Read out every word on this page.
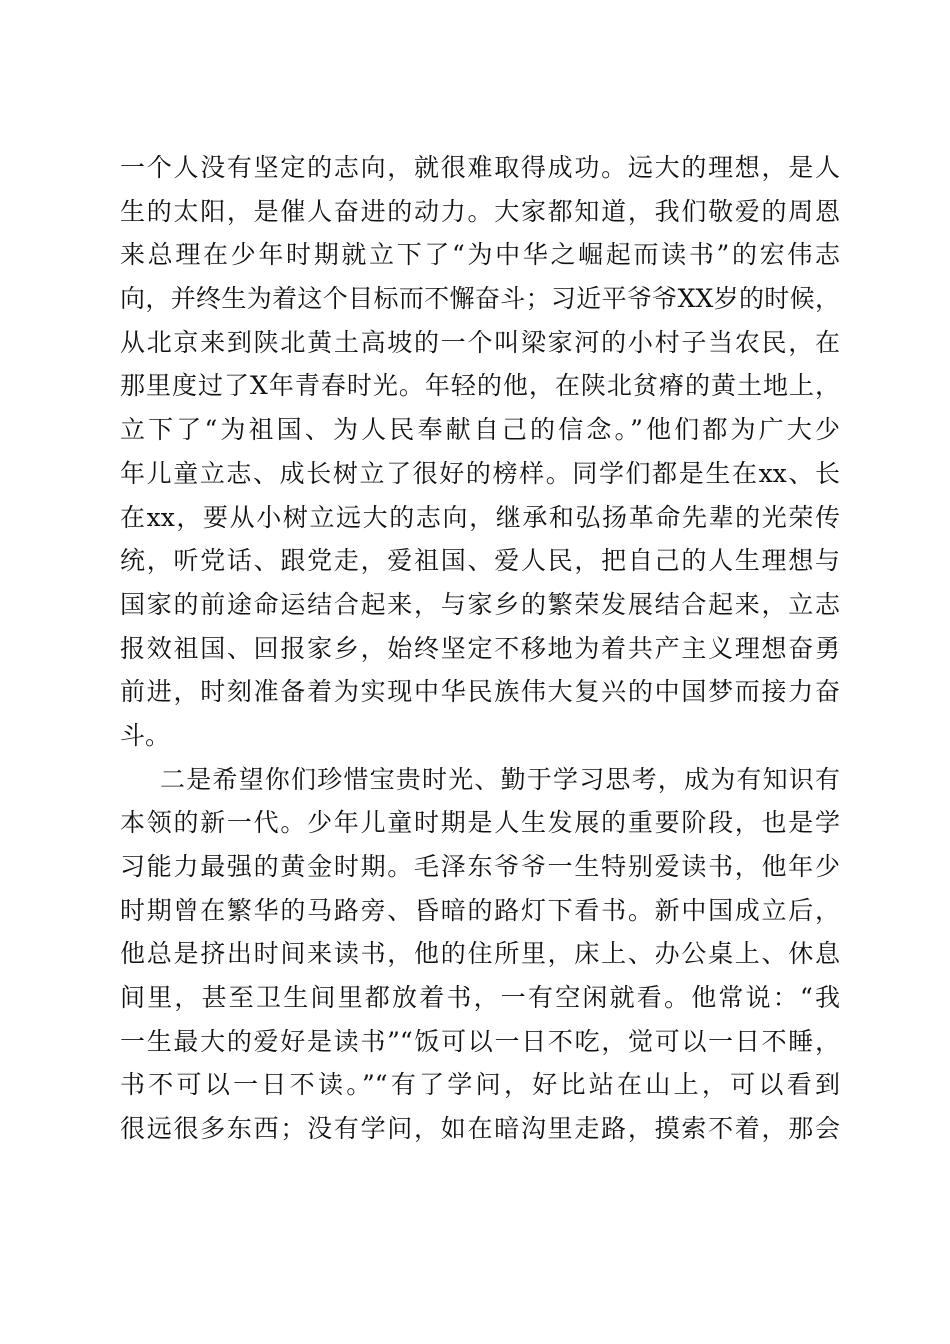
一个人没有坚定的志向，就很难取得成功。远大的理想，是人
生的太阳，是催人奋进的动力。大家都知道，我们敬爱的周恩
来总理在少年时期就立下了“为中华之崛起而读书”的宏伟志
向，并终生为着这个目标而不懈奋斗；习近平爷爷XX岁的时候，
从北京来到陕北黄土高坡的一个叫梁家河的小村子当农民，在
那里度过了X年青春时光。年轻的他，在陕北贫瘠的黄土地上，
立下了“为祖国、为人民奉献自己的信念。”他们都为广大少
年儿童立志、成长树立了很好的榜样。同学们都是生在xx、长
在xx，要从小树立远大的志向，继承和弘扬革命先辈的光荣传
统，听党话、跟党走，爱祖国、爱人民，把自己的人生理想与
国家的前途命运结合起来，与家乡的繁荣发展结合起来，立志
报效祖国、回报家乡，始终坚定不移地为着共产主义理想奋勇
前进，时刻准备着为实现中华民族伟大复兴的中国梦而接力奋
斗。
二是希望你们珍惜宝贵时光、勤于学习思考，成为有知识有
本领的新一代。少年儿童时期是人生发展的重要阶段，也是学
习能力最强的黄金时期。毛泽东爷爷一生特别爱读书，他年少
时期曾在繁华的马路旁、昏暗的路灯下看书。新中国成立后，
他总是挤出时间来读书，他的住所里，床上、办公桌上、休息
间里，甚至卫生间里都放着书，一有空闲就看。他常说：“我
一生最大的爱好是读书”“饭可以一日不吃，觉可以一日不睡，
书不可以一日不读。”“有了学问，好比站在山上，可以看到
很远很多东西；没有学问，如在暗沟里走路，摸索不着，那会
